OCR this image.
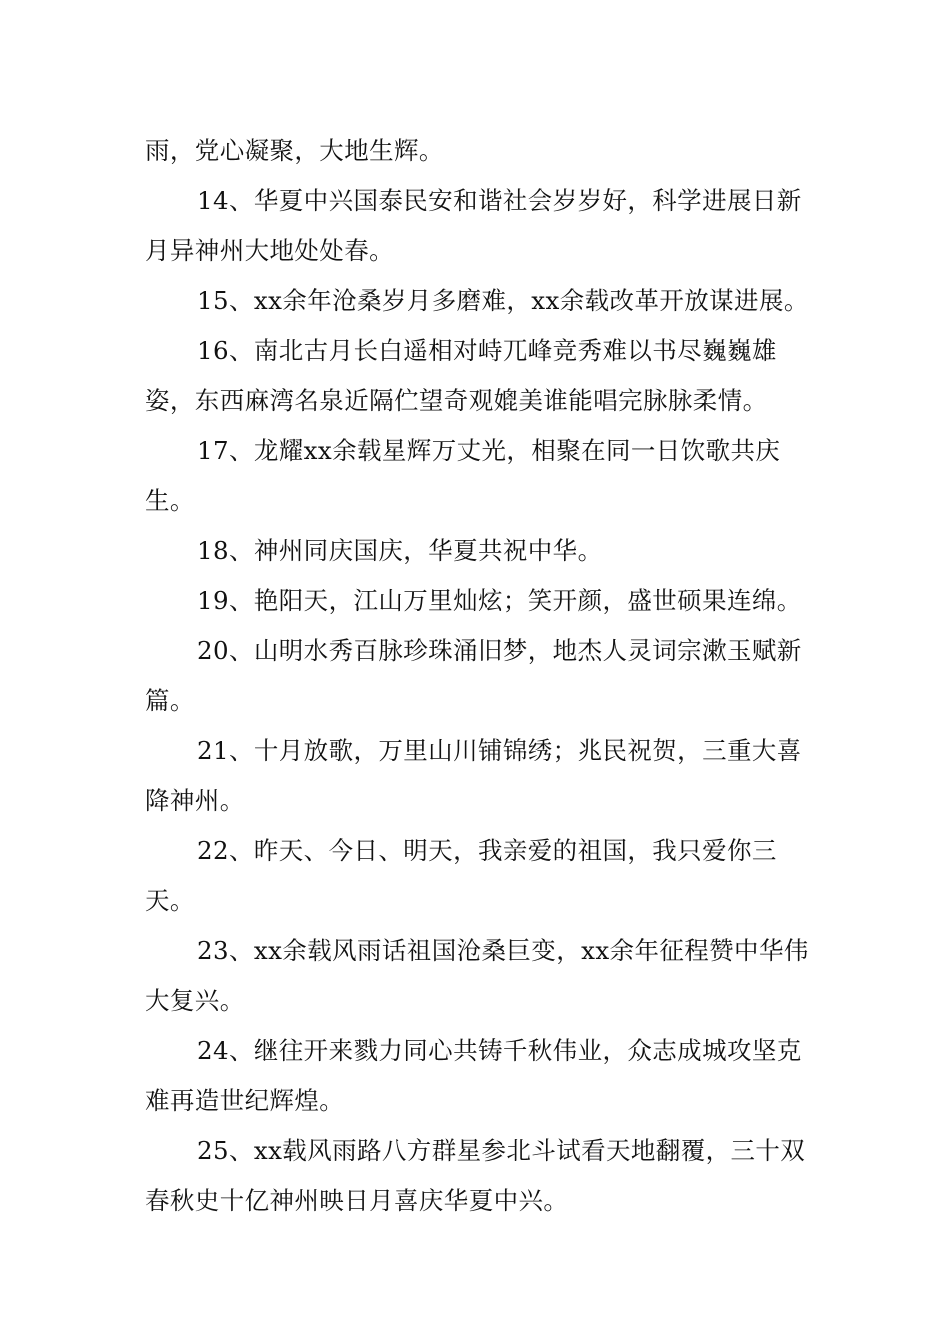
雨，党心凝聚，大地生辉。

14、华夏中兴国泰民安和谐社会岁岁好，科学进展日新月异神州大地处处春。

15、xx余年沧桑岁月多磨难，xx余载改革开放谋进展。

16、南北古月长白遥相对峙兀峰竞秀难以书尽巍巍雄姿，东西麻湾名泉近隔伫望奇观媲美谁能唱完脉脉柔情。

17、龙耀xx余载星辉万丈光，相聚在同一日饮歌共庆生。

18、神州同庆国庆，华夏共祝中华。

19、艳阳天，江山万里灿炫；笑开颜，盛世硕果连绵。

20、山明水秀百脉珍珠涌旧梦，地杰人灵词宗漱玉赋新篇。

21、十月放歌，万里山川铺锦绣；兆民祝贺，三重大喜降神州。

22、昨天、今日、明天，我亲爱的祖国，我只爱你三天。

23、xx余载风雨话祖国沧桑巨变，xx余年征程赞中华伟大复兴。

24、继往开来戮力同心共铸千秋伟业，众志成城攻坚克难再造世纪辉煌。

25、xx载风雨路八方群星参北斗试看天地翻覆，三十双春秋史十亿神州映日月喜庆华夏中兴。
